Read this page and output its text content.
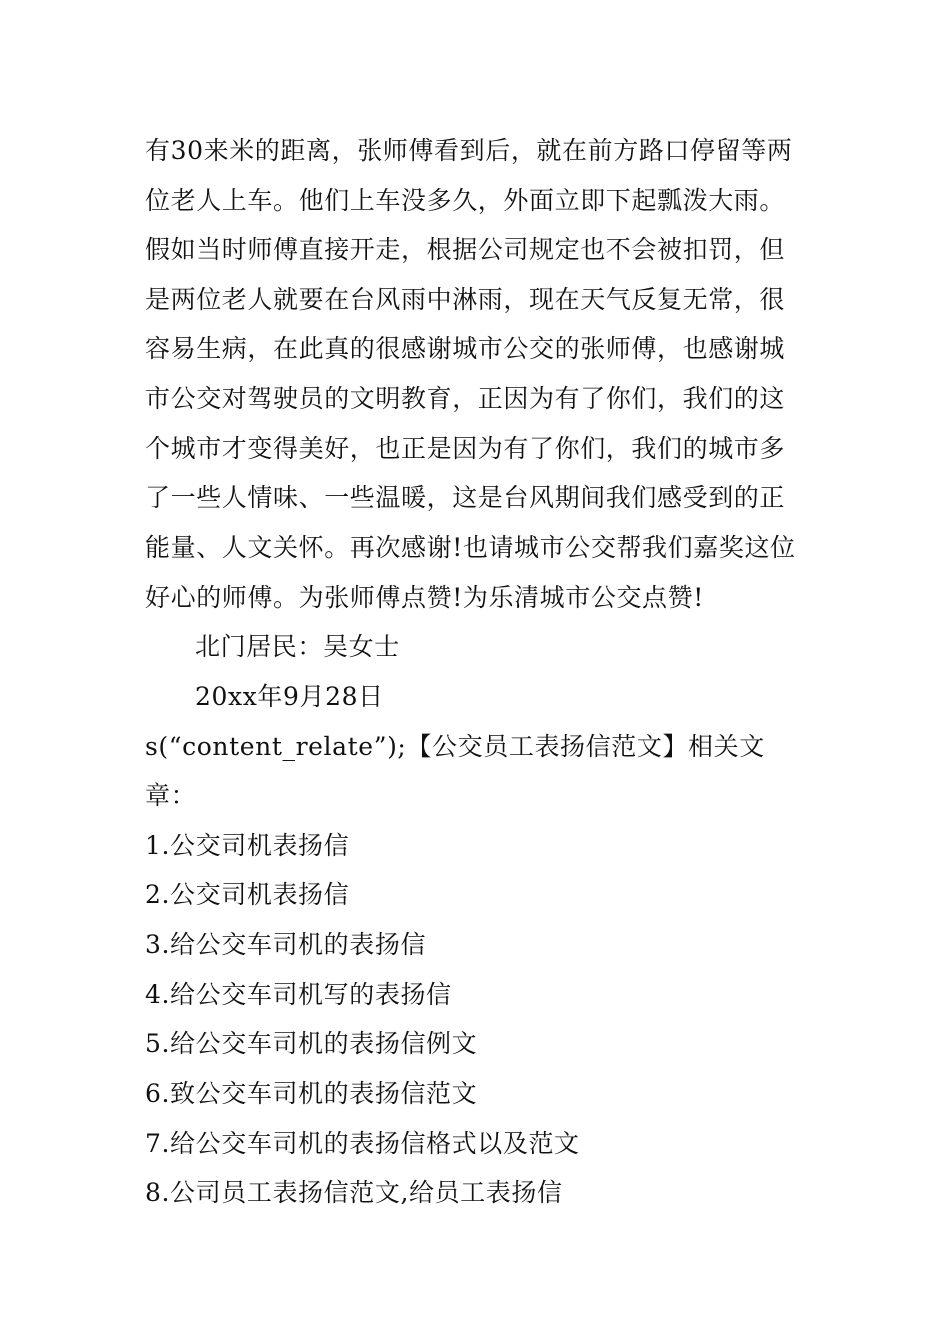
有30来米的距离，张师傅看到后，就在前方路口停留等两
位老人上车。他们上车没多久，外面立即下起瓢泼大雨。
假如当时师傅直接开走，根据公司规定也不会被扣罚，但
是两位老人就要在台风雨中淋雨，现在天气反复无常，很
容易生病，在此真的很感谢城市公交的张师傅，也感谢城
市公交对驾驶员的文明教育，正因为有了你们，我们的这
个城市才变得美好，也正是因为有了你们，我们的城市多
了一些人情味、一些温暖，这是台风期间我们感受到的正
能量、人文关怀。再次感谢!也请城市公交帮我们嘉奖这位
好心的师傅。为张师傅点赞!为乐清城市公交点赞!
北门居民：吴女士
20xx年9月28日
s(“content_relate”);【公交员工表扬信范文】相关文
章：
1.公交司机表扬信
2.公交司机表扬信
3.给公交车司机的表扬信
4.给公交车司机写的表扬信
5.给公交车司机的表扬信例文
6.致公交车司机的表扬信范文
7.给公交车司机的表扬信格式以及范文
8.公司员工表扬信范文,给员工表扬信
